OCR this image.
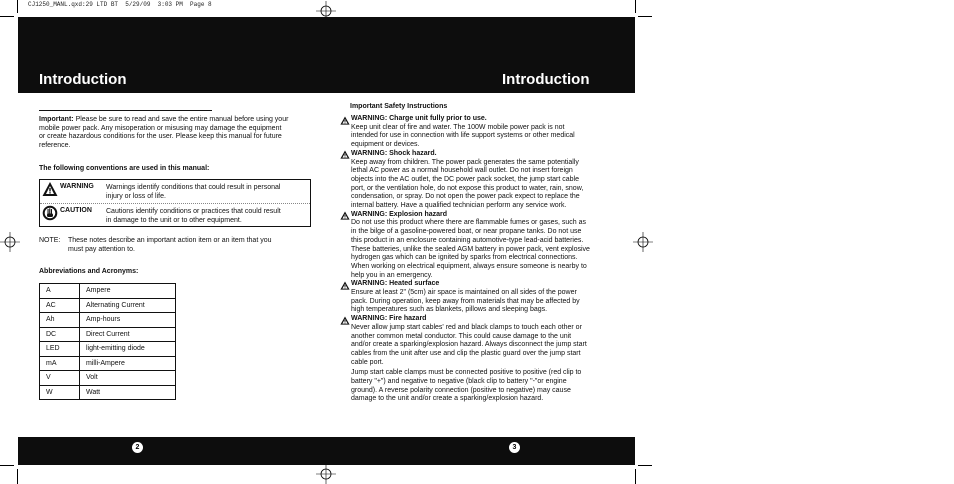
CJ1250_MANL.qxd:29 LTD BT  5/29/09  3:03 PM  Page 8
Introduction	Introduction
Important: Please be sure to read and save the entire manual before using your
mobile power pack. Any misoperation or misusing may damage the equipment
or create hazardous conditions for the user. Please keep this manual for future
reference.
The following conventions are used in this manual:
WARNING Warnings identify conditions that could result in personal
injury or loss of life.
CAUTION Cautions identify conditions or practices that could result
in damage to the unit or to other equipment.
NOTE: These notes describe an important action item or an item that you
must pay attention to.
Abbreviations and Acronyms:
A	Ampere
AC	Alternating Current
Ah	Amp-hours
DC	Direct Current
LED	light-emitting diode
mA	milli-Ampere
V	Volt
W	Watt
Important Safety Instructions
WARNING: Charge unit fully prior to use.
Keep unit clear of fire and water. The 100W mobile power pack is not
intended for use in connection with life support systems or other medical
equipment or devices.
WARNING: Shock hazard.
Keep away from children. The power pack generates the same potentially
lethal AC power as a normal household wall outlet. Do not insert foreign
objects into the AC outlet, the DC power pack socket, the jump start cable
port, or the ventilation hole, do not expose this product to water, rain, snow,
condensation, or spray. Do not open the power pack expect to replace the
internal battery. Have a qualified technician perform any service work.
WARNING: Explosion hazard
Do not use this product where there are flammable fumes or gases, such as
in the bilge of a gasoline-powered boat, or near propane tanks. Do not use
this product in an enclosure containing automotive-type lead-acid batteries.
These batteries, unlike the sealed AGM battery in power pack, vent explosive
hydrogen gas which can be ignited by sparks from electrical connections.
When working on electrical equipment, always ensure someone is nearby to
help you in an emergency.
WARNING: Heated surface
Ensure at least 2" (5cm) air space is maintained on all sides of the power
pack. During operation, keep away from materials that may be affected by
high temperatures such as blankets, pillows and sleeping bags.
WARNING: Fire hazard
Never allow jump start cables' red and black clamps to touch each other or
another common metal conductor. This could cause damage to the unit
and/or create a sparking/explosion hazard. Always disconnect the jump start
cables from the unit after use and clip the plastic guard over the jump start
cable port.
Jump start cable clamps must be connected positive to positive (red clip to
battery "+") and negative to negative (black clip to battery "-"or engine
ground). A reverse polarity connection (positive to negative) may cause
damage to the unit and/or create a sparking/explosion hazard.
2	3
